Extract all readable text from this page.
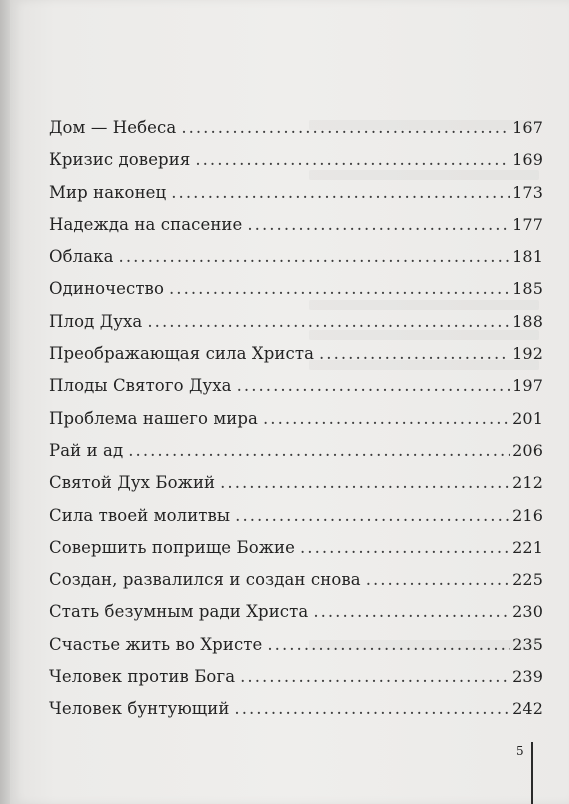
Дом — Небеса . . .	167
Кризис доверия . . .	169
Мир наконец . . .	173
Надежда на спасение . . .	177
Облака . . .	181
Одиночество . . .	185
Плод Духа . . .	188
Преображающая сила Христа . . .	192
Плоды Святого Духа . . .	197
Проблема нашего мира . . .	201
Рай и ад . . .	206
Святой Дух Божий . . .	212
Сила твоей молитвы . . .	216
Совершить поприще Божие . . .	221
Создан, развалился и создан снова . . .	225
Стать безумным ради Христа . . .	230
Счастье жить во Христе . . .	235
Человек против Бога . . .	239
Человек бунтующий . . .	242
5
